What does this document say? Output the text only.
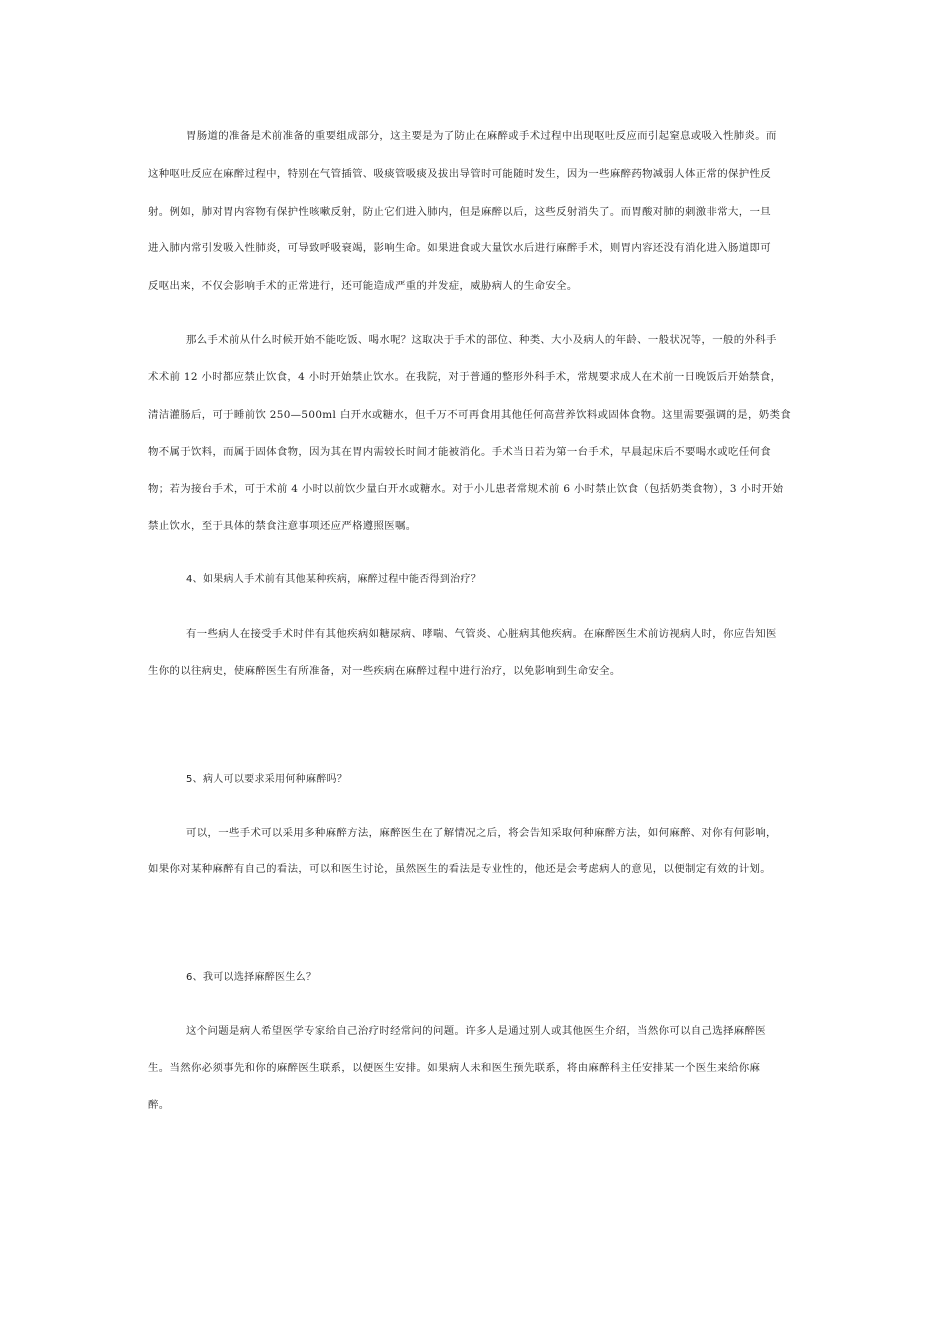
胃肠道的准备是术前准备的重要组成部分，这主要是为了防止在麻醉或手术过程中出现呕吐反应而引起窒息或吸入性肺炎。而
这种呕吐反应在麻醉过程中，特别在气管插管、吸痰管吸痰及拔出导管时可能随时发生，因为一些麻醉药物减弱人体正常的保护性反
射。例如，肺对胃内容物有保护性咳嗽反射，防止它们进入肺内，但是麻醉以后，这些反射消失了。而胃酸对肺的刺激非常大，一旦
进入肺内常引发吸入性肺炎，可导致呼吸衰竭，影响生命。如果进食或大量饮水后进行麻醉手术，则胃内容还没有消化进入肠道即可
反呕出来，不仅会影响手术的正常进行，还可能造成严重的并发症，威胁病人的生命安全。
那么手术前从什么时候开始不能吃饭、喝水呢？这取决于手术的部位、种类、大小及病人的年龄、一般状况等，一般的外科手
术术前 12 小时都应禁止饮食，4 小时开始禁止饮水。在我院，对于普通的整形外科手术，常规要求成人在术前一日晚饭后开始禁食，
清洁灌肠后，可于睡前饮 250—500ml 白开水或糖水，但千万不可再食用其他任何高营养饮料或固体食物。这里需要强调的是，奶类食
物不属于饮料，而属于固体食物，因为其在胃内需较长时间才能被消化。手术当日若为第一台手术，早晨起床后不要喝水或吃任何食
物；若为接台手术，可于术前 4 小时以前饮少量白开水或糖水。对于小儿患者常规术前 6 小时禁止饮食（包括奶类食物），3 小时开始
禁止饮水，至于具体的禁食注意事项还应严格遵照医嘱。
4、如果病人手术前有其他某种疾病，麻醉过程中能否得到治疗？
有一些病人在接受手术时伴有其他疾病如糖尿病、哮喘、气管炎、心脏病其他疾病。在麻醉医生术前访视病人时，你应告知医
生你的以往病史，使麻醉医生有所准备，对一些疾病在麻醉过程中进行治疗，以免影响到生命安全。
5、病人可以要求采用何种麻醉吗？
可以，一些手术可以采用多种麻醉方法，麻醉医生在了解情况之后，将会告知采取何种麻醉方法，如何麻醉、对你有何影响，
如果你对某种麻醉有自己的看法，可以和医生讨论，虽然医生的看法是专业性的，他还是会考虑病人的意见，以便制定有效的计划。
6、我可以选择麻醉医生么？
这个问题是病人希望医学专家给自己治疗时经常问的问题。许多人是通过别人或其他医生介绍，当然你可以自己选择麻醉医
生。当然你必须事先和你的麻醉医生联系，以便医生安排。如果病人未和医生预先联系，将由麻醉科主任安排某一个医生来给你麻
醉。
